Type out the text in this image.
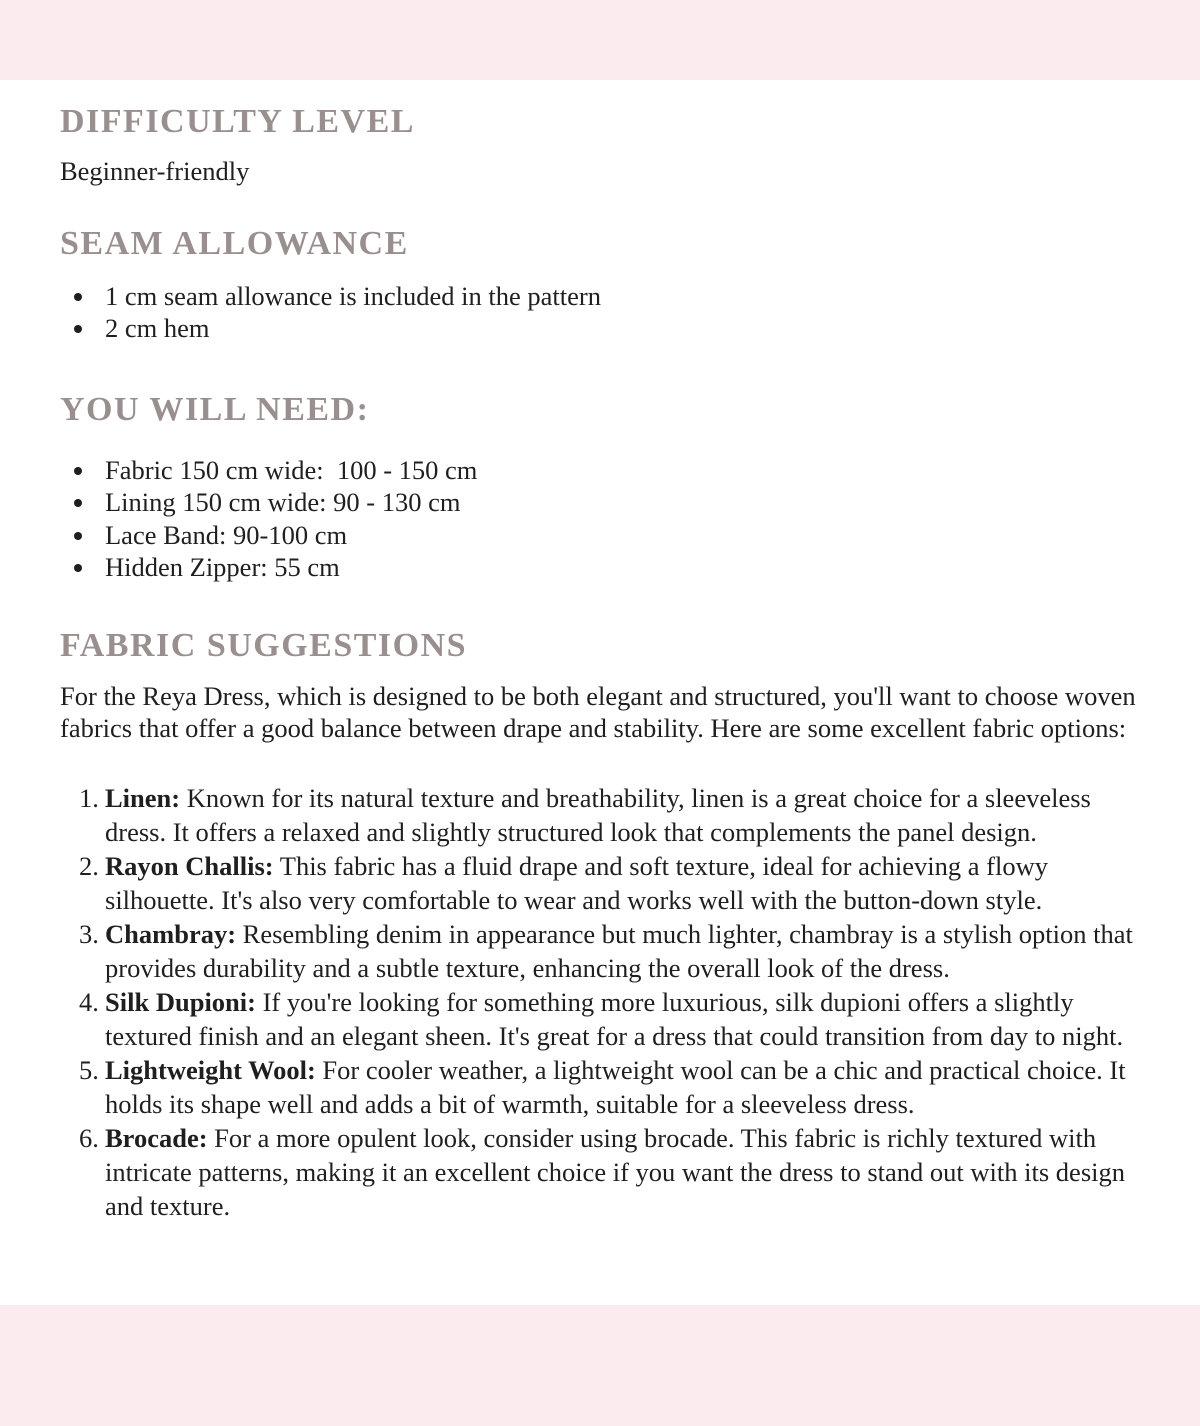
DIFFICULTY LEVEL

Beginner-friendly

SEAM ALLOWANCE
1 cm seam allowance is included in the pattern
2 cm hem
YOU WILL NEED:
Fabric 150 cm wide:  100 - 150 cm
Lining 150 cm wide: 90 - 130 cm
Lace Band: 90-100 cm
Hidden Zipper: 55 cm
FABRIC SUGGESTIONS

For the Reya Dress, which is designed to be both elegant and structured, you'll want to choose woven fabrics that offer a good balance between drape and stability. Here are some excellent fabric options:

1. Linen: Known for its natural texture and breathability, linen is a great choice for a sleeveless dress. It offers a relaxed and slightly structured look that complements the panel design.
2. Rayon Challis: This fabric has a fluid drape and soft texture, ideal for achieving a flowy silhouette. It's also very comfortable to wear and works well with the button-down style.
3. Chambray: Resembling denim in appearance but much lighter, chambray is a stylish option that provides durability and a subtle texture, enhancing the overall look of the dress.
4. Silk Dupioni: If you're looking for something more luxurious, silk dupioni offers a slightly textured finish and an elegant sheen. It's great for a dress that could transition from day to night.
5. Lightweight Wool: For cooler weather, a lightweight wool can be a chic and practical choice. It holds its shape well and adds a bit of warmth, suitable for a sleeveless dress.
6. Brocade: For a more opulent look, consider using brocade. This fabric is richly textured with intricate patterns, making it an excellent choice if you want the dress to stand out with its design and texture.
